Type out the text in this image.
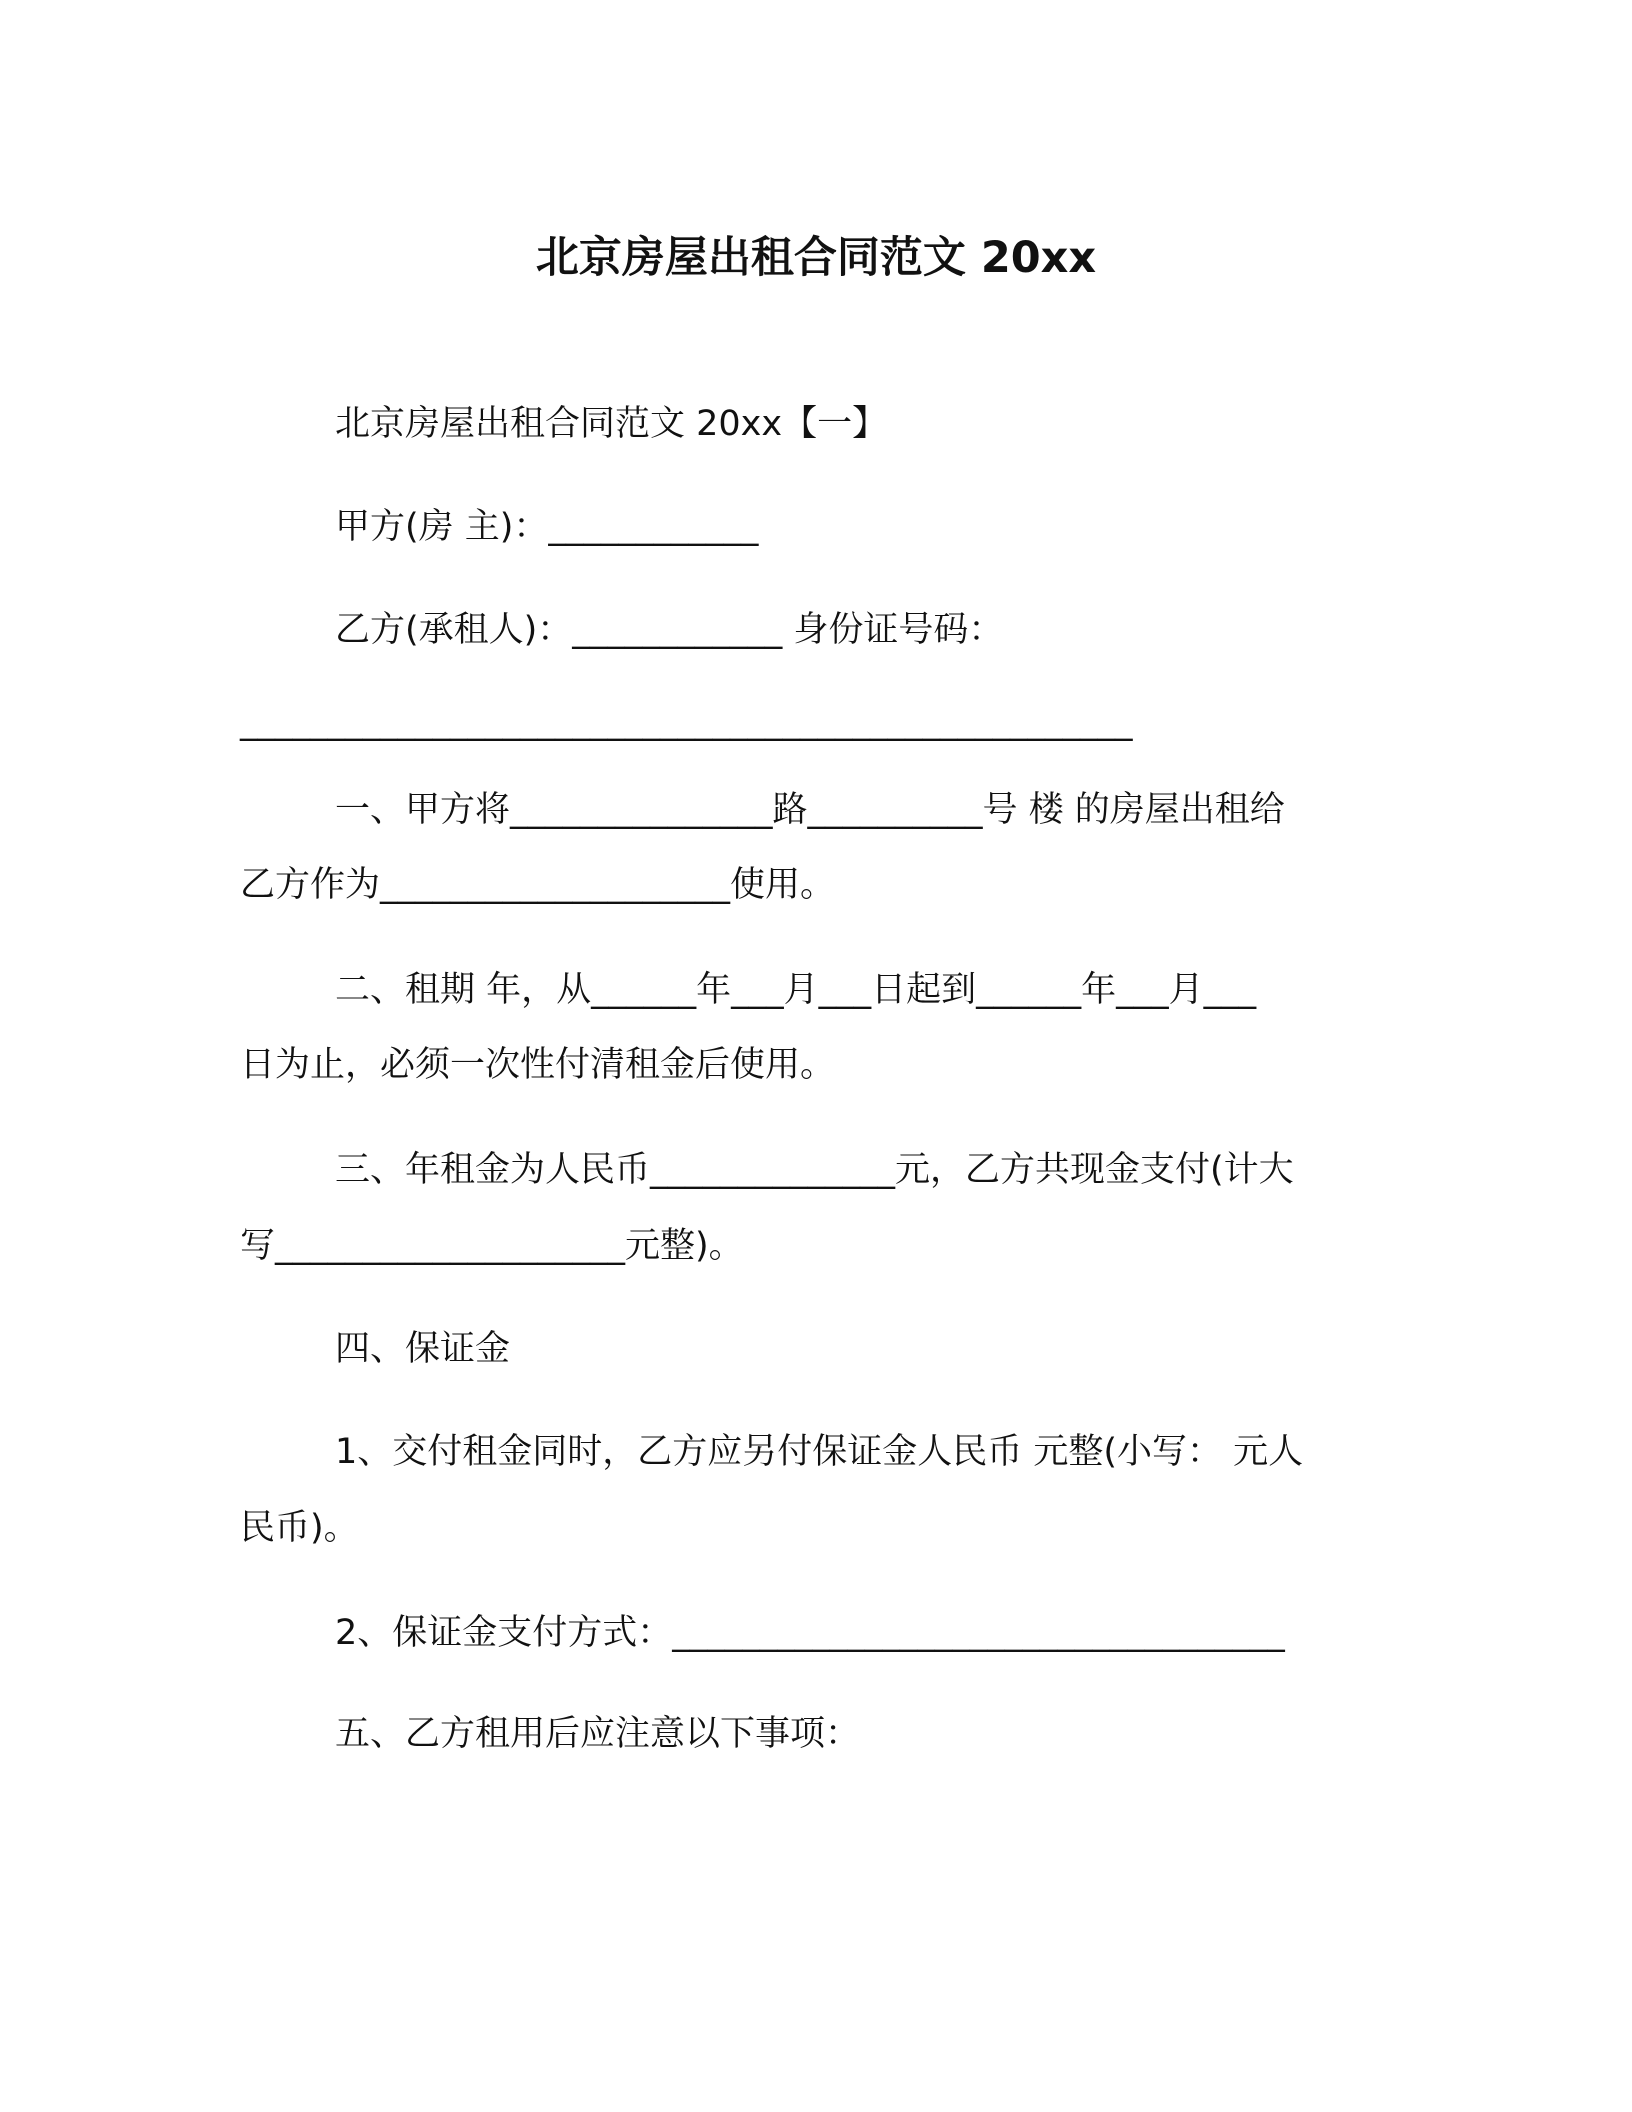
北京房屋出租合同范文 20xx
北京房屋出租合同范文 20xx【一】
甲方(房 主)：____________
乙方(承租人)：____________ 身份证号码：
___________________________________________________
一、甲方将_______________路__________号 楼 的房屋出租给
乙方作为____________________使用。
二、租期 年，从______年___月___日起到______年___月___
日为止，必须一次性付清租金后使用。
三、年租金为人民币______________元，乙方共现金支付(计大
写____________________元整)。
四、保证金
1、交付租金同时，乙方应另付保证金人民币 元整(小写： 元人
民币)。
2、保证金支付方式：___________________________________
五、乙方租用后应注意以下事项：
